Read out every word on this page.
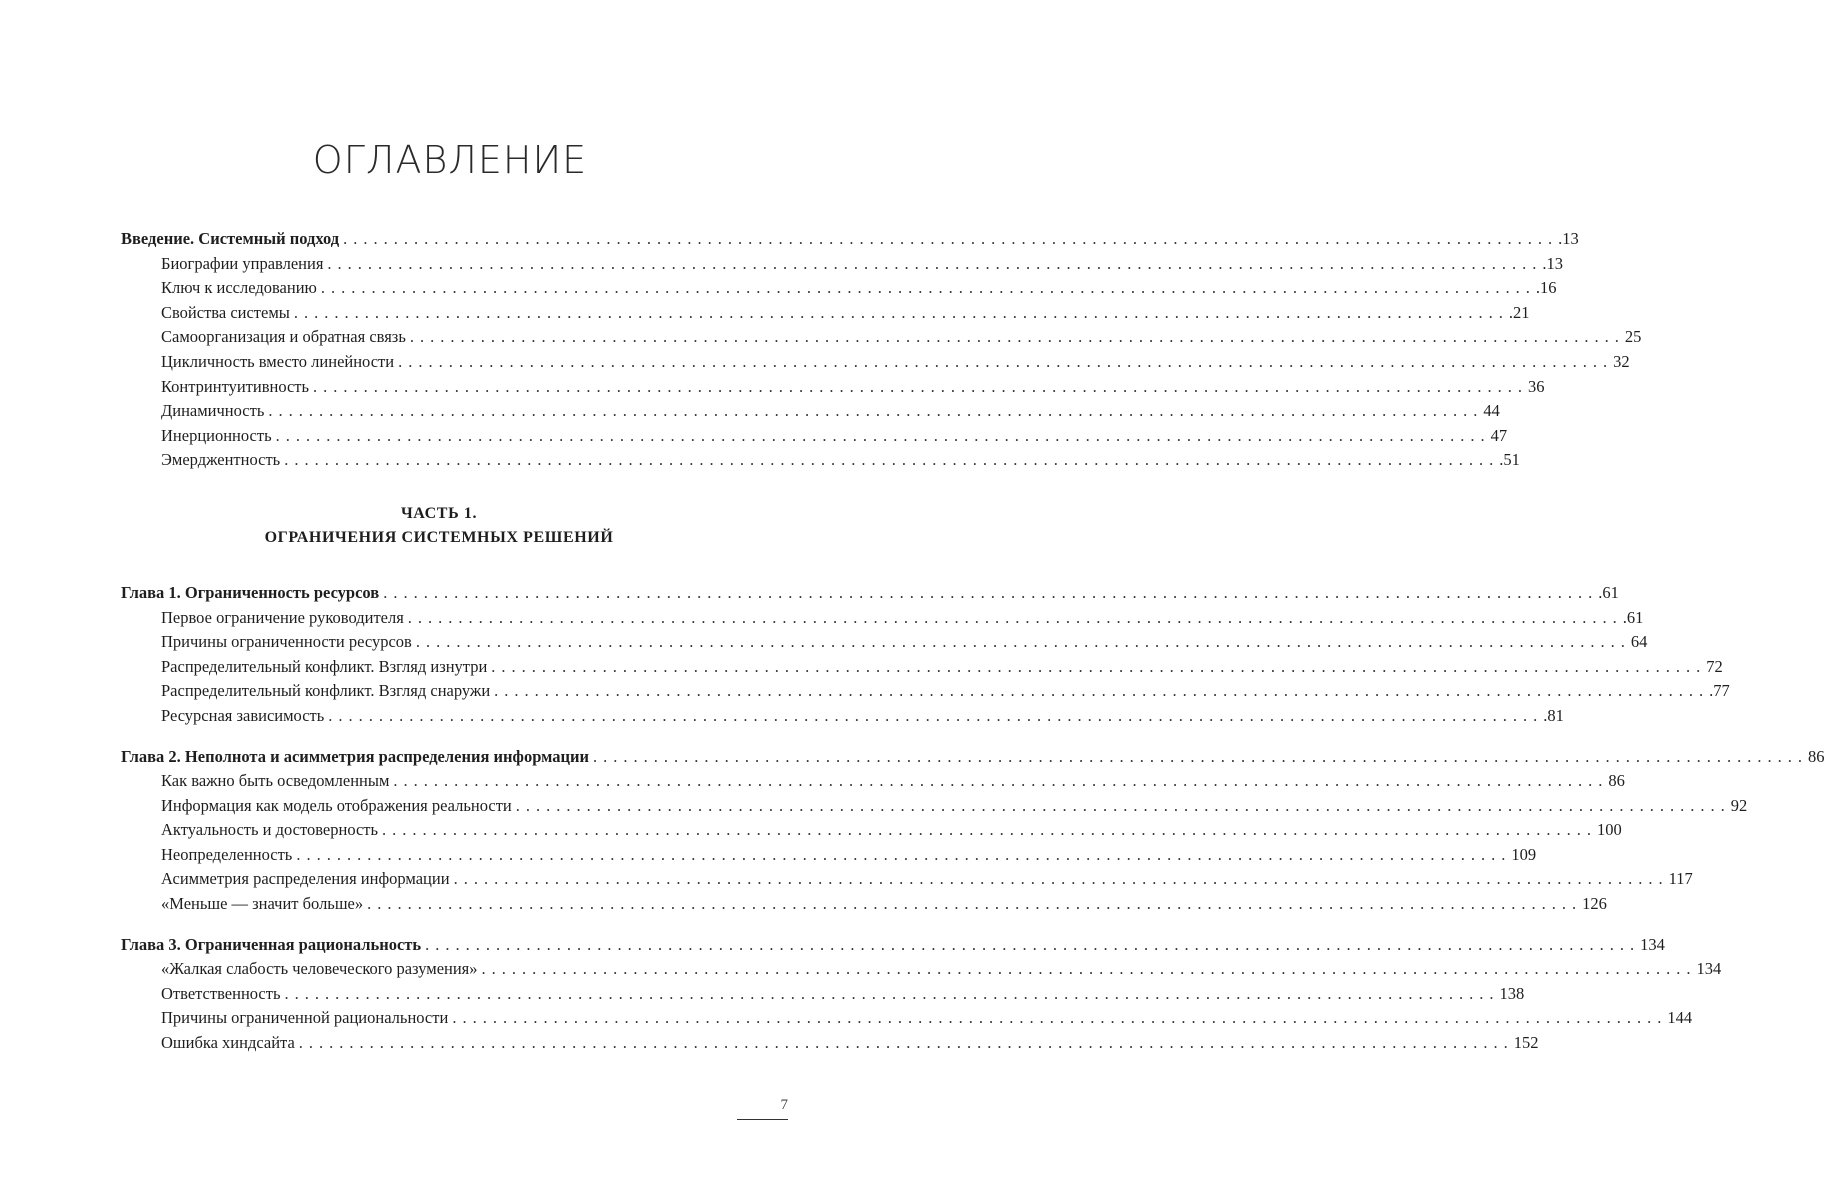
ОГЛАВЛЕНИЕ
Введение. Системный подход ........................................................................................................................ .13
Биографии управления ........................................................................................................................ .13
Ключ к исследованию ........................................................................................................................ .16
Свойства системы ........................................................................................................................ .21
Самоорганизация и обратная связь ........................................................................................................................ 25
Цикличность вместо линейности ........................................................................................................................ 32
Контринтуитивность ........................................................................................................................ 36
Динамичность ........................................................................................................................ 44
Инерционность ........................................................................................................................ 47
Эмерджентность ........................................................................................................................ .51
ЧАСТЬ 1.
ОГРАНИЧЕНИЯ СИСТЕМНЫХ РЕШЕНИЙ
Глава 1. Ограниченность ресурсов ........................................................................................................................ .61
Первое ограничение руководителя ........................................................................................................................ .61
Причины ограниченности ресурсов ........................................................................................................................ 64
Распределительный конфликт. Взгляд изнутри ........................................................................................................................ 72
Распределительный конфликт. Взгляд снаружи ........................................................................................................................ .77
Ресурсная зависимость ........................................................................................................................ .81
Глава 2. Неполнота и асимметрия распределения информации ........................................................................................................................ 86
Как важно быть осведомленным ........................................................................................................................ 86
Информация как модель отображения реальности ........................................................................................................................ 92
Актуальность и достоверность ........................................................................................................................ 100
Неопределенность ........................................................................................................................ 109
Асимметрия распределения информации ........................................................................................................................ 117
«Меньше — значит больше» ........................................................................................................................ 126
Глава 3. Ограниченная рациональность ........................................................................................................................ 134
«Жалкая слабость человеческого разумения» ........................................................................................................................ 134
Ответственность ........................................................................................................................ 138
Причины ограниченной рациональности ........................................................................................................................ 144
Ошибка хиндсайта ........................................................................................................................ 152
7
